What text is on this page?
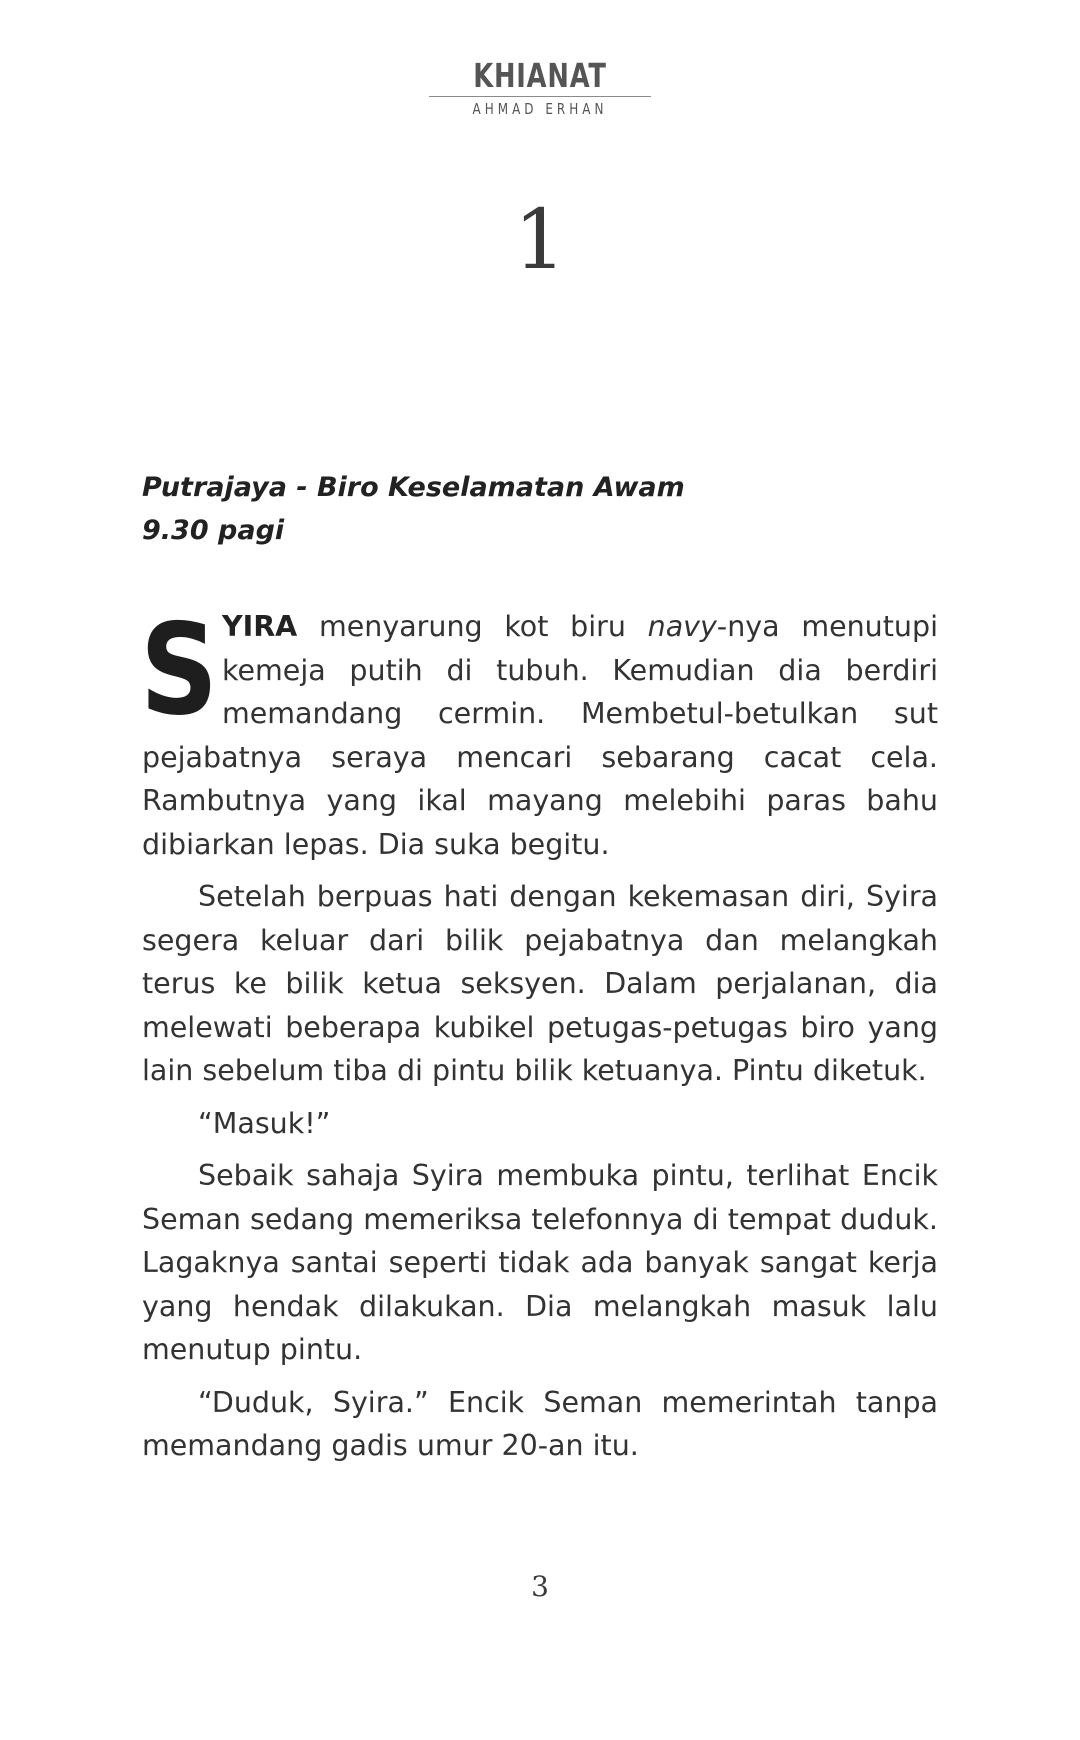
KHIANAT
AHMAD ERHAN
1
Putrajaya - Biro Keselamatan Awam
9.30 pagi

SYIRA menyarung kot biru navy-nya menutupi kemeja putih di tubuh. Kemudian dia berdiri memandang cermin. Membetul-betulkan sut pejabatnya seraya mencari sebarang cacat cela. Rambutnya yang ikal mayang melebihi paras bahu dibiarkan lepas. Dia suka begitu.

Setelah berpuas hati dengan kekemasan diri, Syira segera keluar dari bilik pejabatnya dan melangkah terus ke bilik ketua seksyen. Dalam perjalanan, dia melewati beberapa kubikel petugas-petugas biro yang lain sebelum tiba di pintu bilik ketuanya. Pintu diketuk.

“Masuk!”

Sebaik sahaja Syira membuka pintu, terlihat Encik Seman sedang memeriksa telefonnya di tempat duduk. Lagaknya santai seperti tidak ada banyak sangat kerja yang hendak dilakukan. Dia melangkah masuk lalu menutup pintu.

“Duduk, Syira.” Encik Seman memerintah tanpa memandang gadis umur 20-an itu.

3
